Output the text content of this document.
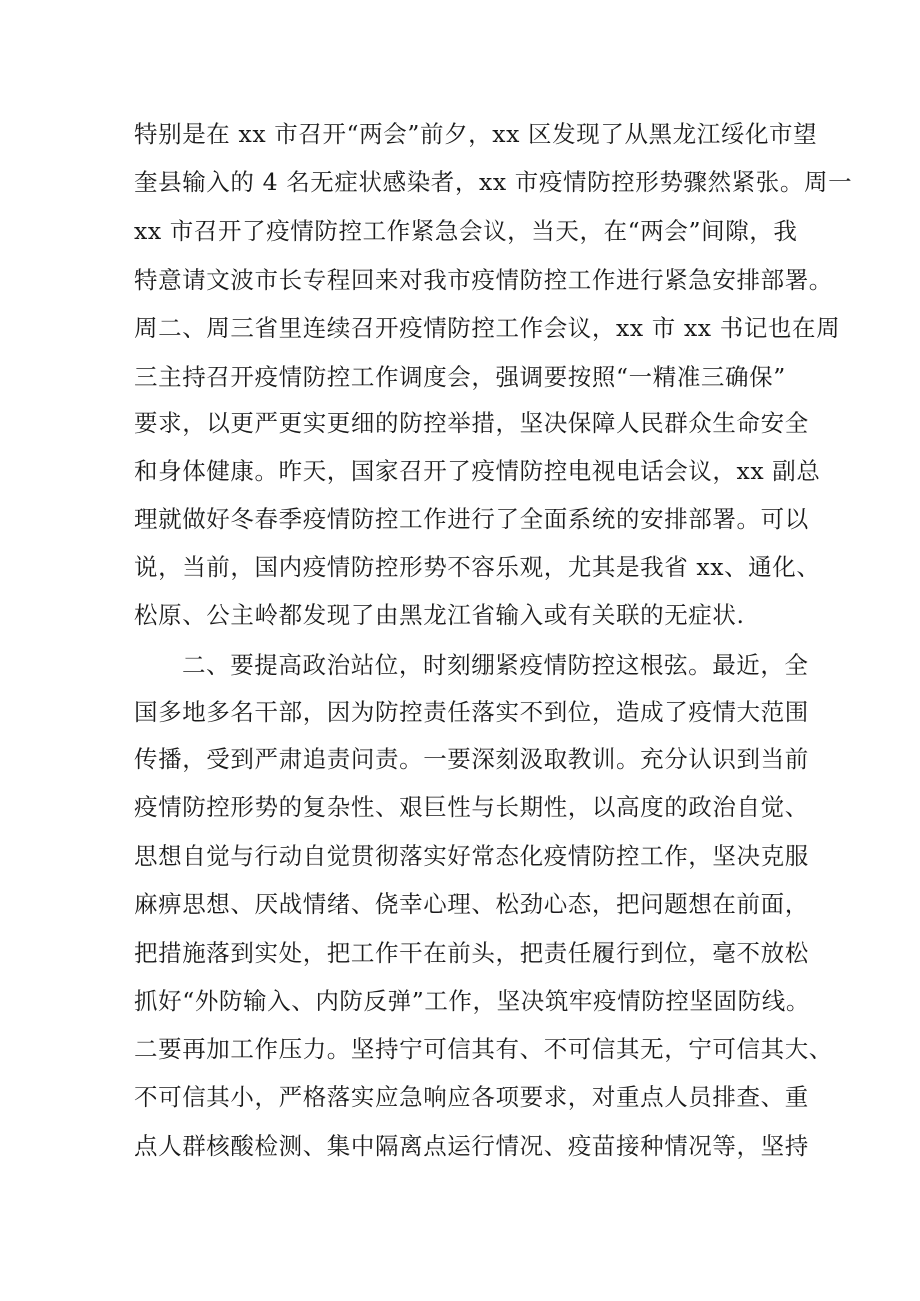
特别是在 xx 市召开“两会”前夕，xx 区发现了从黑龙江绥化市望
奎县输入的 4 名无症状感染者，xx 市疫情防控形势骤然紧张。周一
xx 市召开了疫情防控工作紧急会议，当天，在“两会”间隙，我
特意请文波市长专程回来对我市疫情防控工作进行紧急安排部署。
周二、周三省里连续召开疫情防控工作会议，xx 市 xx 书记也在周
三主持召开疫情防控工作调度会，强调要按照“一精准三确保”
要求，以更严更实更细的防控举措，坚决保障人民群众生命安全
和身体健康。昨天，国家召开了疫情防控电视电话会议，xx 副总
理就做好冬春季疫情防控工作进行了全面系统的安排部署。可以
说，当前，国内疫情防控形势不容乐观，尤其是我省 xx、通化、
松原、公主岭都发现了由黑龙江省输入或有关联的无症状.
二、要提高政治站位，时刻绷紧疫情防控这根弦。最近，全
国多地多名干部，因为防控责任落实不到位，造成了疫情大范围
传播，受到严肃追责问责。一要深刻汲取教训。充分认识到当前
疫情防控形势的复杂性、艰巨性与长期性，以高度的政治自觉、
思想自觉与行动自觉贯彻落实好常态化疫情防控工作，坚决克服
麻痹思想、厌战情绪、侥幸心理、松劲心态，把问题想在前面，
把措施落到实处，把工作干在前头，把责任履行到位，毫不放松
抓好“外防输入、内防反弹”工作，坚决筑牢疫情防控坚固防线。
二要再加工作压力。坚持宁可信其有、不可信其无，宁可信其大、
不可信其小，严格落实应急响应各项要求，对重点人员排查、重
点人群核酸检测、集中隔离点运行情况、疫苗接种情况等，坚持
